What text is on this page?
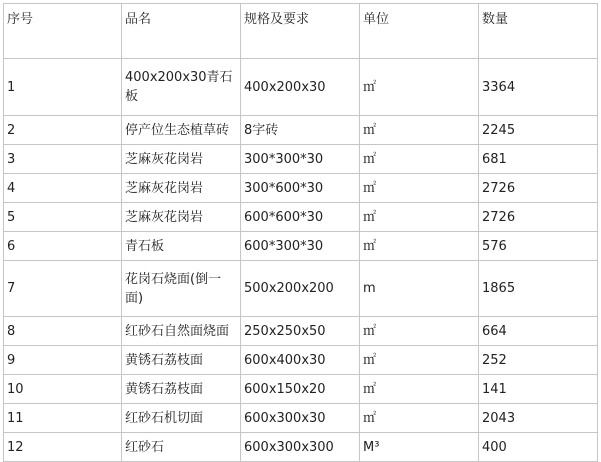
序号	品名	规格及要求	单位	数量
1	400x200x30青石板	400x200x30	㎡	3364
2	停产位生态植草砖	8字砖	㎡	2245
3	芝麻灰花岗岩	300*300*30	㎡	681
4	芝麻灰花岗岩	300*600*30	㎡	2726
5	芝麻灰花岗岩	600*600*30	㎡	2726
6	青石板	600*300*30	㎡	576
7	花岗石烧面(倒一面)	500x200x200	m	1865
8	红砂石自然面烧面	250x250x50	㎡	664
9	黄锈石荔枝面	600x400x30	㎡	252
10	黄锈石荔枝面	600x150x20	㎡	141
11	红砂石机切面	600x300x30	㎡	2043
12	红砂石	600x300x300	M³	400
